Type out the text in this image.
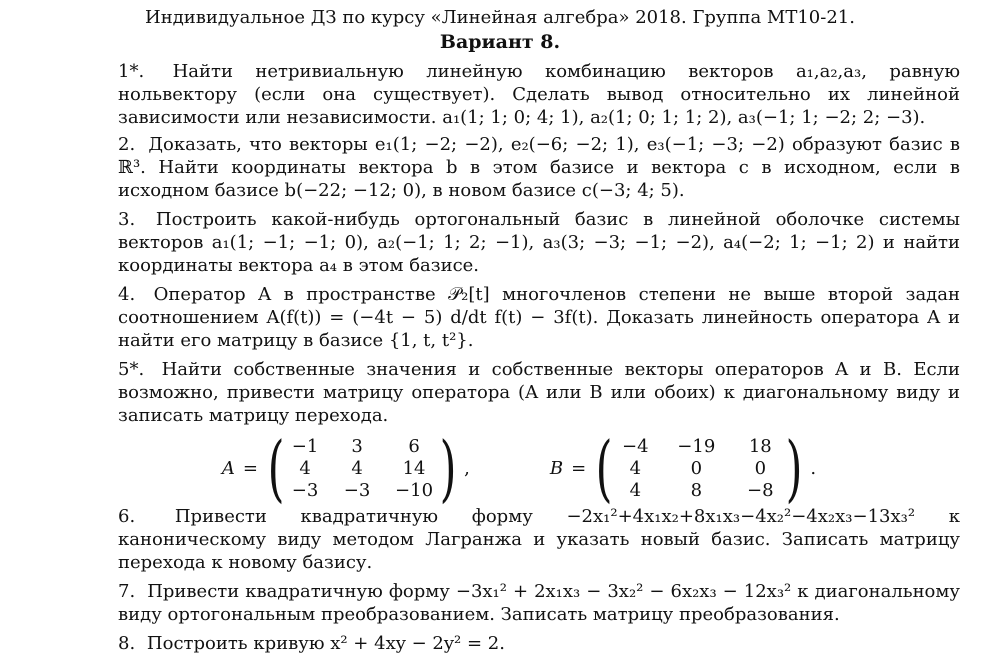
Индивидуальное ДЗ по курсу «Линейная алгебра» 2018. Группа МТ10-21.
Вариант 8.
1*. Найти нетривиальную линейную комбинацию векторов a₁,a₂,a₃, равную нольвектору (если она существует). Сделать вывод относительно их линейной зависимости или независимости. a₁(1; 1; 0; 4; 1), a₂(1; 0; 1; 1; 2), a₃(−1; 1; −2; 2; −3).
2. Доказать, что векторы e₁(1; −2; −2), e₂(−6; −2; 1), e₃(−1; −3; −2) образуют базис в ℝ³. Найти координаты вектора b в этом базисе и вектора c в исходном, если в исходном базисе b(−22; −12; 0), в новом базисе c(−3; 4; 5).
3. Построить какой-нибудь ортогональный базис в линейной оболочке системы векторов a₁(1; −1; −1; 0), a₂(−1; 1; 2; −1), a₃(3; −3; −1; −2), a₄(−2; 1; −1; 2) и найти координаты вектора a₄ в этом базисе.
4. Оператор A в пространстве 𝒫₂[t] многочленов степени не выше второй задан соотношением A(f(t)) = (−4t − 5) d/dt f(t) − 3f(t). Доказать линейность оператора A и найти его матрицу в базисе {1, t, t²}.
5*. Найти собственные значения и собственные векторы операторов A и B. Если возможно, привести матрицу оператора (A или B или обоих) к диагональному виду и записать матрицу перехода.
A = ( −1	3	6
4	4	14
−3 −3 −10 ) ,	B = ( −4 −19	18
4	0	0
4	8	−8 ) .
6. Привести квадратичную форму −2x₁²+4x₁x₂+8x₁x₃−4x₂²−4x₂x₃−13x₃² к каноническому виду методом Лагранжа и указать новый базис. Записать матрицу перехода к новому базису.
7. Привести квадратичную форму −3x₁² + 2x₁x₃ − 3x₂² − 6x₂x₃ − 12x₃² к диагональному виду ортогональным преобразованием. Записать матрицу преобразования.
8. Построить кривую x² + 4xy − 2y² = 2.
